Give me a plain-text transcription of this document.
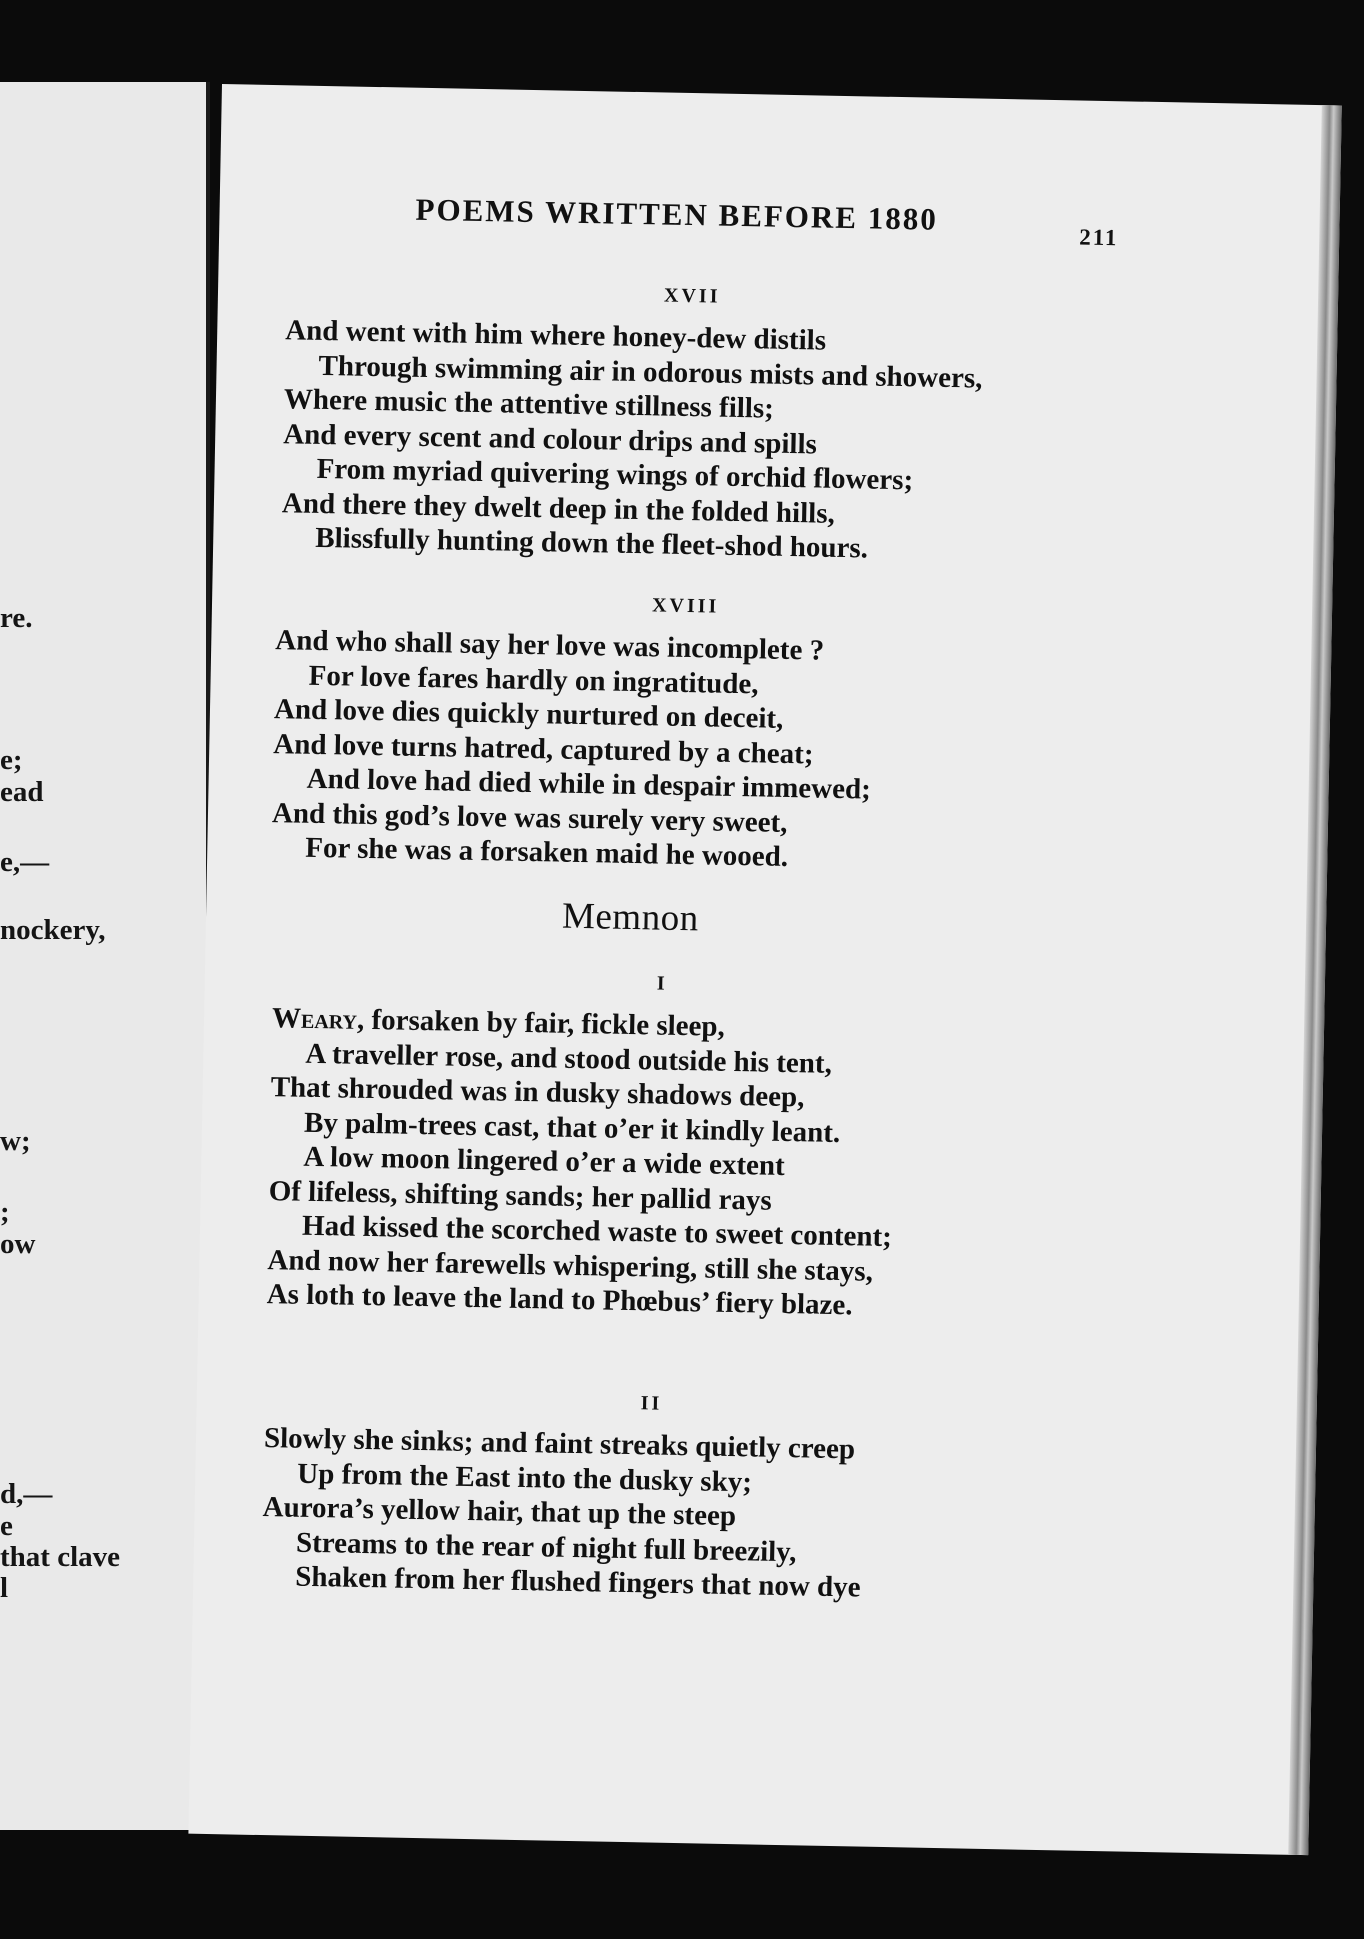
re.
e;
ead
e,—
nockery,
w;
;
ow
d,—
e
that clave
l
POEMS WRITTEN BEFORE 1880
211
XVII
And went with him where honey-dew distils
Through swimming air in odorous mists and showers,
Where music the attentive stillness fills;
And every scent and colour drips and spills
From myriad quivering wings of orchid flowers;
And there they dwelt deep in the folded hills,
Blissfully hunting down the fleet-shod hours.
XVIII
And who shall say her love was incomplete ?
For love fares hardly on ingratitude,
And love dies quickly nurtured on deceit,
And love turns hatred, captured by a cheat;
And love had died while in despair immewed;
And this god’s love was surely very sweet,
For she was a forsaken maid he wooed.
Memnon
I
Weary, forsaken by fair, fickle sleep,
A traveller rose, and stood outside his tent,
That shrouded was in dusky shadows deep,
By palm-trees cast, that o’er it kindly leant.
A low moon lingered o’er a wide extent
Of lifeless, shifting sands; her pallid rays
Had kissed the scorched waste to sweet content;
And now her farewells whispering, still she stays,
As loth to leave the land to Phœbus’ fiery blaze.
II
Slowly she sinks; and faint streaks quietly creep
Up from the East into the dusky sky;
Aurora’s yellow hair, that up the steep
Streams to the rear of night full breezily,
Shaken from her flushed fingers that now dye
